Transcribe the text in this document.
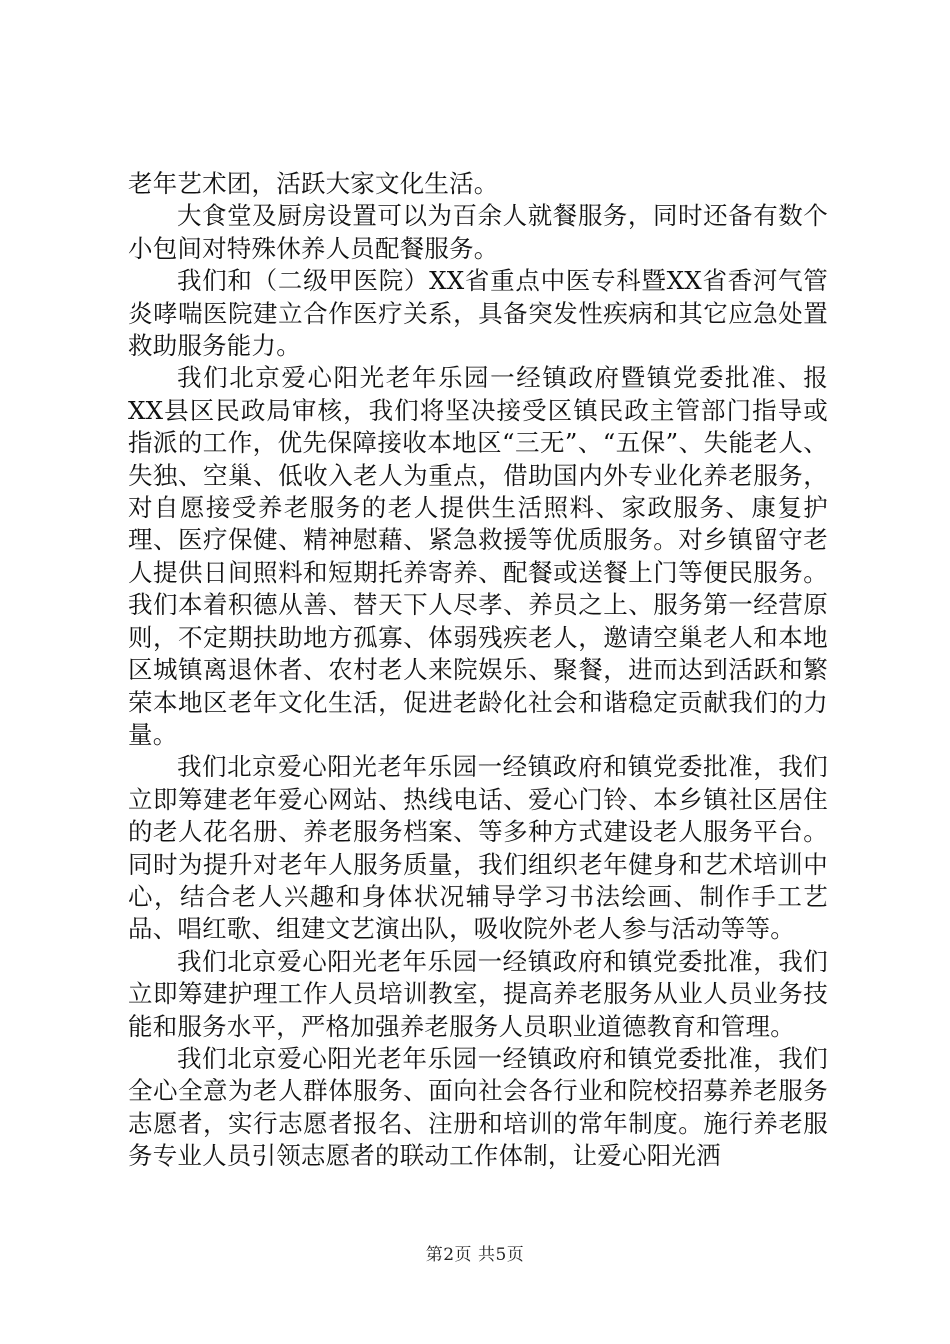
老年艺术团，活跃大家文化生活。

大食堂及厨房设置可以为百余人就餐服务，同时还备有数个小包间对特殊休养人员配餐服务。

我们和（二级甲医院）XX省重点中医专科暨XX省香河气管炎哮喘医院建立合作医疗关系，具备突发性疾病和其它应急处置救助服务能力。

我们北京爱心阳光老年乐园一经镇政府暨镇党委批准、报XX县区民政局审核，我们将坚决接受区镇民政主管部门指导或指派的工作，优先保障接收本地区“三无”、“五保”、失能老人、失独、空巢、低收入老人为重点，借助国内外专业化养老服务，对自愿接受养老服务的老人提供生活照料、家政服务、康复护理、医疗保健、精神慰藉、紧急救援等优质服务。对乡镇留守老人提供日间照料和短期托养寄养、配餐或送餐上门等便民服务。我们本着积德从善、替天下人尽孝、养员之上、服务第一经营原则，不定期扶助地方孤寡、体弱残疾老人，邀请空巢老人和本地区城镇离退休者、农村老人来院娱乐、聚餐，进而达到活跃和繁荣本地区老年文化生活，促进老龄化社会和谐稳定贡献我们的力量。

我们北京爱心阳光老年乐园一经镇政府和镇党委批准，我们立即筹建老年爱心网站、热线电话、爱心门铃、本乡镇社区居住的老人花名册、养老服务档案、等多种方式建设老人服务平台。同时为提升对老年人服务质量，我们组织老年健身和艺术培训中心，结合老人兴趣和身体状况辅导学习书法绘画、制作手工艺品、唱红歌、组建文艺演出队，吸收院外老人参与活动等等。

我们北京爱心阳光老年乐园一经镇政府和镇党委批准，我们立即筹建护理工作人员培训教室，提高养老服务从业人员业务技能和服务水平，严格加强养老服务人员职业道德教育和管理。

我们北京爱心阳光老年乐园一经镇政府和镇党委批准，我们全心全意为老人群体服务、面向社会各行业和院校招募养老服务志愿者，实行志愿者报名、注册和培训的常年制度。施行养老服务专业人员引领志愿者的联动工作体制，让爱心阳光洒

第2页 共5页
